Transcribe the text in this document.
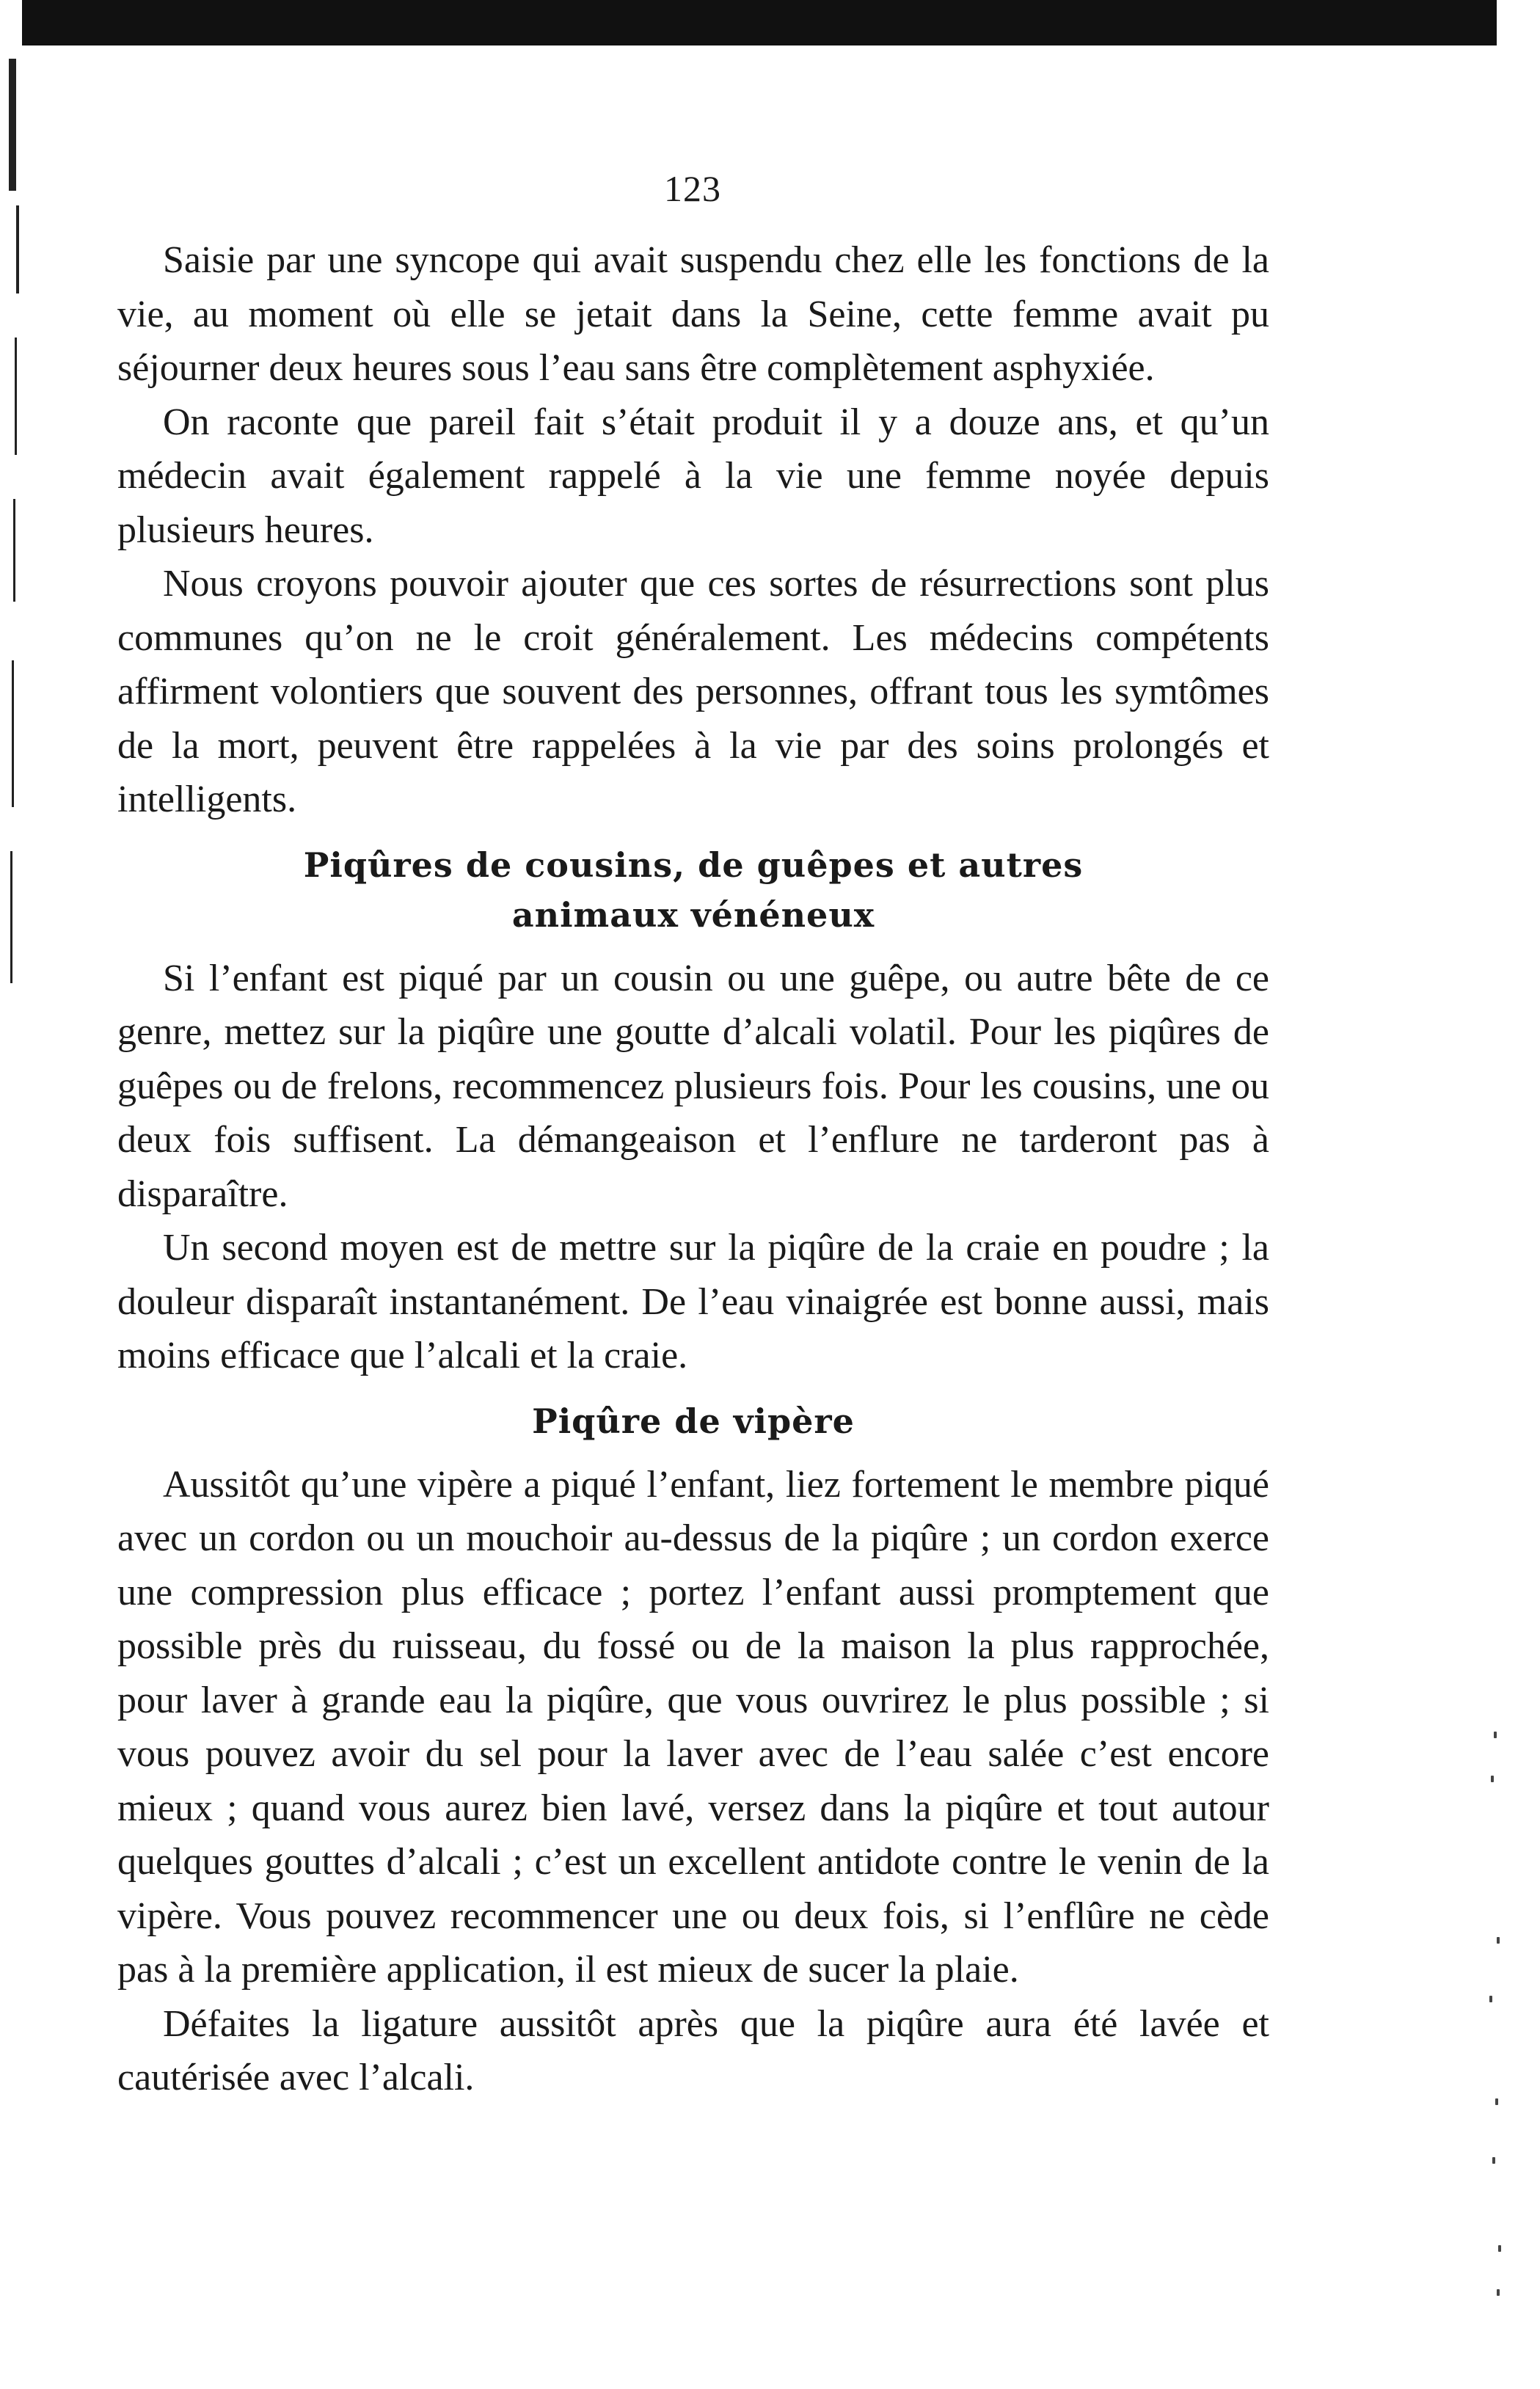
123

Saisie par une syncope qui avait suspendu chez elle les fonctions de la vie, au moment où elle se jetait dans la Seine, cette femme avait pu séjourner deux heures sous l’eau sans être complètement asphyxiée.

On raconte que pareil fait s’était produit il y a douze ans, et qu’un médecin avait également rappelé à la vie une femme noyée depuis plusieurs heures.

Nous croyons pouvoir ajouter que ces sortes de résurrections sont plus communes qu’on ne le croit généralement. Les médecins compétents affirment volontiers que souvent des personnes, offrant tous les symtômes de la mort, peuvent être rappelées à la vie par des soins prolongés et intelligents.

Piqûres de cousins, de guêpes et autres
animaux vénéneux

Si l’enfant est piqué par un cousin ou une guêpe, ou autre bête de ce genre, mettez sur la piqûre une goutte d’alcali volatil. Pour les piqûres de guêpes ou de frelons, recommencez plusieurs fois. Pour les cousins, une ou deux fois suffisent. La démangeaison et l’enflure ne tarderont pas à disparaître.

Un second moyen est de mettre sur la piqûre de la craie en poudre ; la douleur disparaît instantanément. De l’eau vinaigrée est bonne aussi, mais moins efficace que l’alcali et la craie.

Piqûre de vipère

Aussitôt qu’une vipère a piqué l’enfant, liez fortement le membre piqué avec un cordon ou un mouchoir au-dessus de la piqûre ; un cordon exerce une compression plus efficace ; portez l’enfant aussi promptement que possible près du ruisseau, du fossé ou de la maison la plus rapprochée, pour laver à grande eau la piqûre, que vous ouvrirez le plus possible ; si vous pouvez avoir du sel pour la laver avec de l’eau salée c’est encore mieux ; quand vous aurez bien lavé, versez dans la piqûre et tout autour quelques gouttes d’alcali ; c’est un excellent antidote contre le venin de la vipère. Vous pouvez recommencer une ou deux fois, si l’enflûre ne cède pas à la première application, il est mieux de sucer la plaie.

Défaites la ligature aussitôt après que la piqûre aura été lavée et cautérisée avec l’alcali.
